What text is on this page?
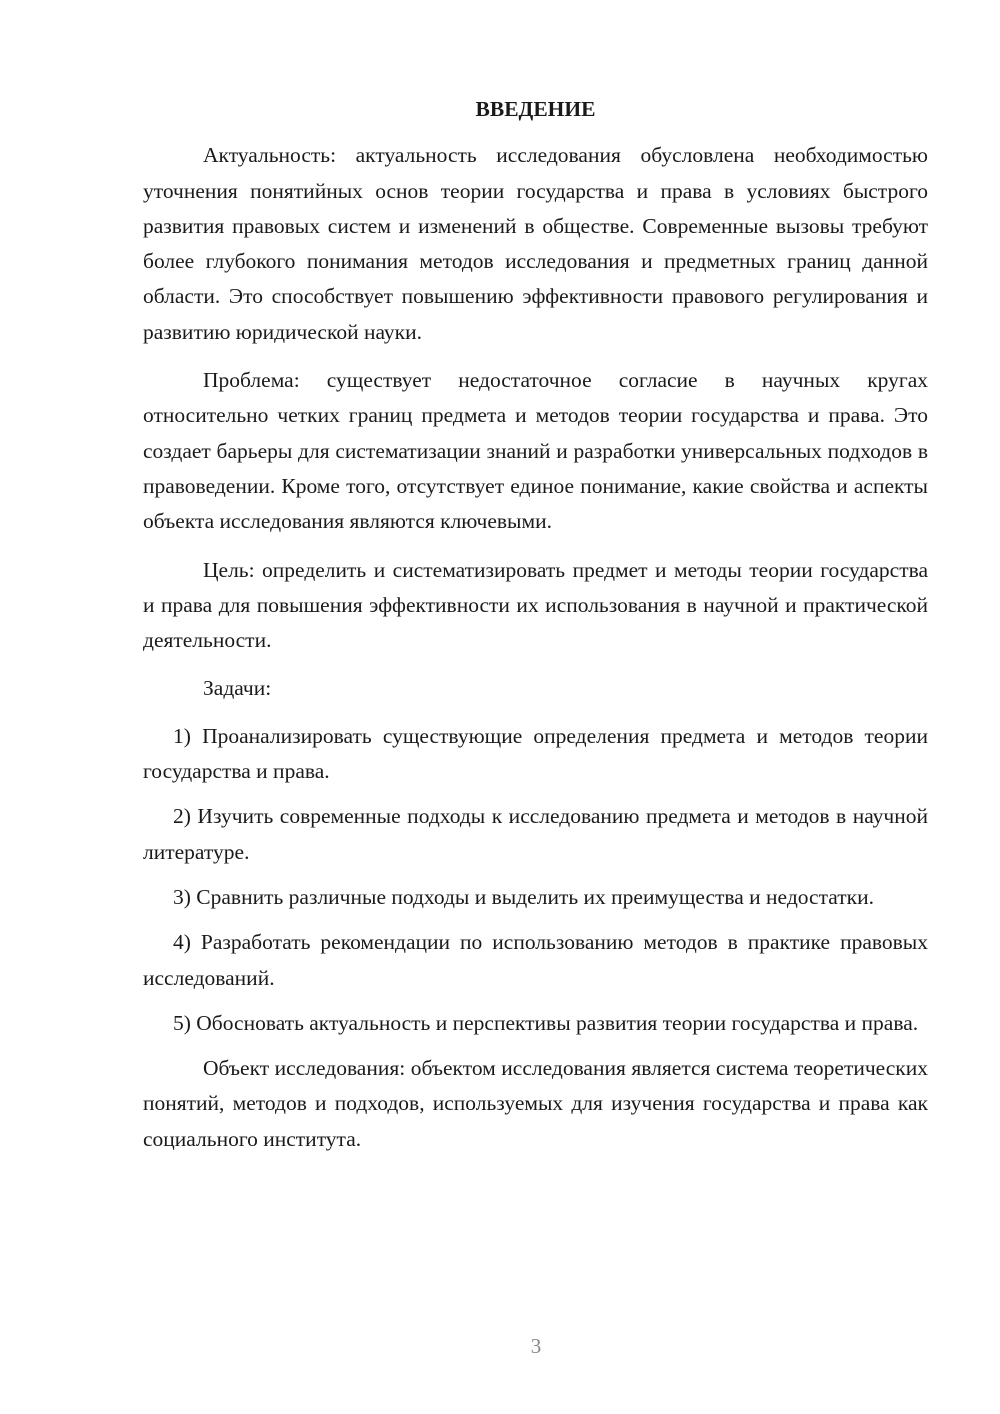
ВВЕДЕНИЕ

Актуальность: актуальность исследования обусловлена необходимостью уточнения понятийных основ теории государства и права в условиях быстрого развития правовых систем и изменений в обществе. Современные вызовы требуют более глубокого понимания методов исследования и предметных границ данной области. Это способствует повышению эффективности правового регулирования и развитию юридической науки.

Проблема: существует недостаточное согласие в научных кругах относительно четких границ предмета и методов теории государства и права. Это создает барьеры для систематизации знаний и разработки универсальных подходов в правоведении. Кроме того, отсутствует единое понимание, какие свойства и аспекты объекта исследования являются ключевыми.

Цель: определить и систематизировать предмет и методы теории государства и права для повышения эффективности их использования в научной и практической деятельности.

Задачи:

1) Проанализировать существующие определения предмета и методов теории государства и права.

2) Изучить современные подходы к исследованию предмета и методов в научной литературе.

3) Сравнить различные подходы и выделить их преимущества и недостатки.

4) Разработать рекомендации по использованию методов в практике правовых исследований.

5) Обосновать актуальность и перспективы развития теории государства и права.

Объект исследования: объектом исследования является система теоретических понятий, методов и подходов, используемых для изучения государства и права как социального института.

3
